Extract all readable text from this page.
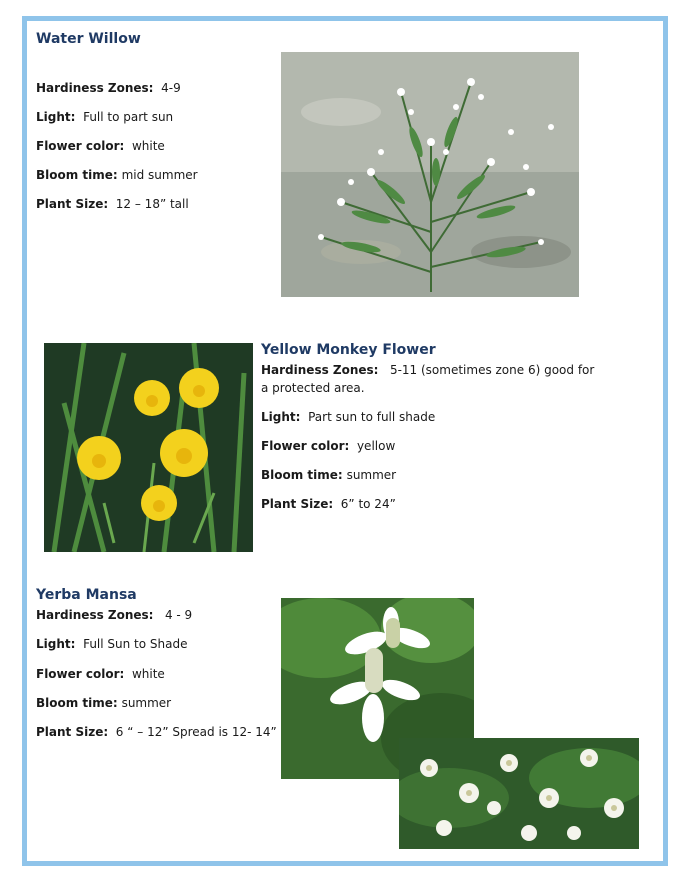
Water Willow
Hardiness Zones: 4-9
Light: Full to part sun
Flower color: white
Bloom time: mid summer
Plant Size: 12 – 18” tall
Yellow Monkey Flower
Hardiness Zones: 5-11 (sometimes zone 6) good for a protected area.
Light: Part sun to full shade
Flower color: yellow
Bloom time: summer
Plant Size: 6” to 24”
Yerba Mansa
Hardiness Zones: 4 - 9
Light: Full Sun to Shade
Flower color: white
Bloom time: summer
Plant Size: 6 “ – 12” Spread is 12- 14”
